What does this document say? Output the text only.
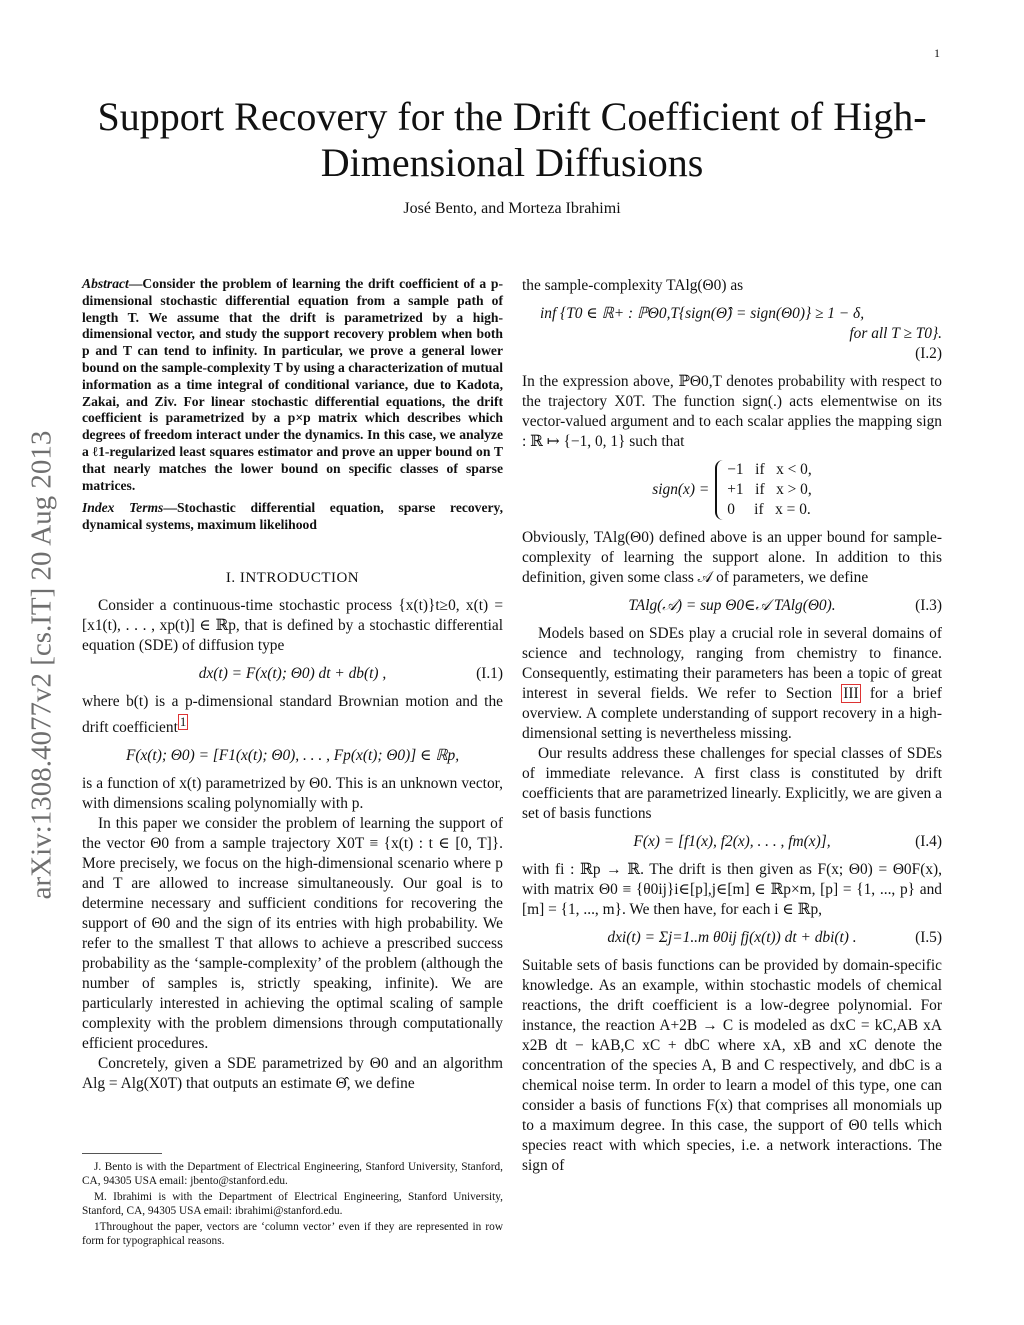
1
arXiv:1308.4077v2 [cs.IT] 20 Aug 2013
Support Recovery for the Drift Coefficient of High-Dimensional Diffusions
José Bento, and Morteza Ibrahimi
Abstract—Consider the problem of learning the drift coefficient of a p-dimensional stochastic differential equation from a sample path of length T. We assume that the drift is parametrized by a high-dimensional vector, and study the support recovery problem when both p and T can tend to infinity. In particular, we prove a general lower bound on the sample-complexity T by using a characterization of mutual information as a time integral of conditional variance, due to Kadota, Zakai, and Ziv. For linear stochastic differential equations, the drift coefficient is parametrized by a p×p matrix which describes which degrees of freedom interact under the dynamics. In this case, we analyze a ℓ1-regularized least squares estimator and prove an upper bound on T that nearly matches the lower bound on specific classes of sparse matrices.
Index Terms—Stochastic differential equation, sparse recovery, dynamical systems, maximum likelihood
I. INTRODUCTION

Consider a continuous-time stochastic process {x(t)}t≥0, x(t) = [x1(t), . . . , xp(t)] ∈ ℝp, that is defined by a stochastic differential equation (SDE) of diffusion type

dx(t) = F(x(t); Θ0) dt + db(t) ,	(I.1)

where b(t) is a p-dimensional standard Brownian motion and the drift coefficient $^1$

F(x(t); Θ0) = [F1(x(t); Θ0), . . . , Fp(x(t); Θ0)] ∈ ℝp,

is a function of x(t) parametrized by Θ0. This is an unknown vector, with dimensions scaling polynomially with p.

In this paper we consider the problem of learning the support of the vector Θ0 from a sample trajectory X0T ≡ {x(t) : t ∈ [0, T]}. More precisely, we focus on the high-dimensional scenario where p and T are allowed to increase simultaneously. Our goal is to determine necessary and sufficient conditions for recovering the support of Θ0 and the sign of its entries with high probability. We refer to the smallest T that allows to achieve a prescribed success probability as the ‘sample-complexity’ of the problem (although the number of samples is, strictly speaking, infinite). We are particularly interested in achieving the optimal scaling of sample complexity with the problem dimensions through computationally efficient procedures.

Concretely, given a SDE parametrized by Θ0 and an algorithm Alg = Alg(X0T) that outputs an estimate Θ̂, we define

J. Bento is with the Department of Electrical Engineering, Stanford University, Stanford, CA, 94305 USA email: jbento@stanford.edu.

M. Ibrahimi is with the Department of Electrical Engineering, Stanford University, Stanford, CA, 94305 USA email: ibrahimi@stanford.edu.

1Throughout the paper, vectors are ‘column vector’ even if they are represented in row form for typographical reasons.

the sample-complexity TAlg(Θ0) as

inf {T0 ∈ ℝ+ : ℙΘ0,T{sign(Θ̂) = sign(Θ0)} ≥ 1 − δ,
for all T ≥ T0}.
(I.2)

In the expression above, ℙΘ0,T denotes probability with respect to the trajectory X0T. The function sign(.) acts elementwise on its vector-valued argument and to each scalar applies the mapping sign : ℝ ↦ {−1, 0, 1} such that

sign(x) =
−1   if   x < 0,
+1   if   x > 0,
0     if   x = 0.

Obviously, TAlg(Θ0) defined above is an upper bound for sample-complexity of learning the support alone. In addition to this definition, given some class 𝒜 of parameters, we define

TAlg(𝒜) = sup Θ0∈𝒜 TAlg(Θ0).	(I.3)

Models based on SDEs play a crucial role in several domains of science and technology, ranging from chemistry to finance. Consequently, estimating their parameters has been a topic of great interest in several fields. We refer to Section III for a brief overview. A complete understanding of support recovery in a high-dimensional setting is nevertheless missing.

Our results address these challenges for special classes of SDEs of immediate relevance. A first class is constituted by drift coefficients that are parametrized linearly. Explicitly, we are given a set of basis functions

F(x) = [f1(x), f2(x), . . . , fm(x)],	(I.4)

with fi : ℝp → ℝ. The drift is then given as F(x; Θ0) = Θ0F(x), with matrix Θ0 ≡ {θ0ij}i∈[p],j∈[m] ∈ ℝp×m, [p] = {1, ..., p} and [m] = {1, ..., m}. We then have, for each i ∈ ℝp,

dxi(t) = Σj=1..m θ0ij fj(x(t)) dt + dbi(t) .	(I.5)

Suitable sets of basis functions can be provided by domain-specific knowledge. As an example, within stochastic models of chemical reactions, the drift coefficient is a low-degree polynomial. For instance, the reaction A+2B → C is modeled as dxC = kC,AB xA x2B dt − kAB,C xC + dbC where xA, xB and xC denote the concentration of the species A, B and C respectively, and dbC is a chemical noise term. In order to learn a model of this type, one can consider a basis of functions F(x) that comprises all monomials up to a maximum degree. In this case, the support of Θ0 tells which species react with which species, i.e. a network interactions. The sign of
